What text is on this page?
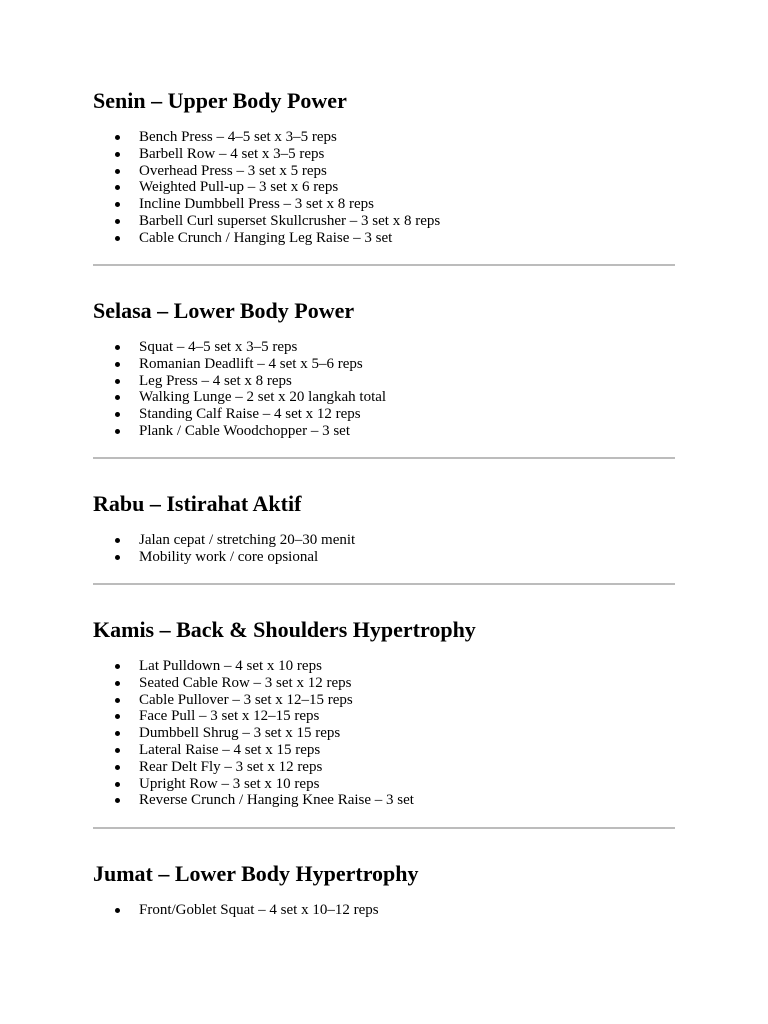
Senin – Upper Body Power
Bench Press – 4–5 set x 3–5 reps
Barbell Row – 4 set x 3–5 reps
Overhead Press – 3 set x 5 reps
Weighted Pull-up – 3 set x 6 reps
Incline Dumbbell Press – 3 set x 8 reps
Barbell Curl superset Skullcrusher – 3 set x 8 reps
Cable Crunch / Hanging Leg Raise – 3 set
Selasa – Lower Body Power
Squat – 4–5 set x 3–5 reps
Romanian Deadlift – 4 set x 5–6 reps
Leg Press – 4 set x 8 reps
Walking Lunge – 2 set x 20 langkah total
Standing Calf Raise – 4 set x 12 reps
Plank / Cable Woodchopper – 3 set
Rabu – Istirahat Aktif
Jalan cepat / stretching 20–30 menit
Mobility work / core opsional
Kamis – Back & Shoulders Hypertrophy
Lat Pulldown – 4 set x 10 reps
Seated Cable Row – 3 set x 12 reps
Cable Pullover – 3 set x 12–15 reps
Face Pull – 3 set x 12–15 reps
Dumbbell Shrug – 3 set x 15 reps
Lateral Raise – 4 set x 15 reps
Rear Delt Fly – 3 set x 12 reps
Upright Row – 3 set x 10 reps
Reverse Crunch / Hanging Knee Raise – 3 set
Jumat – Lower Body Hypertrophy
Front/Goblet Squat – 4 set x 10–12 reps
